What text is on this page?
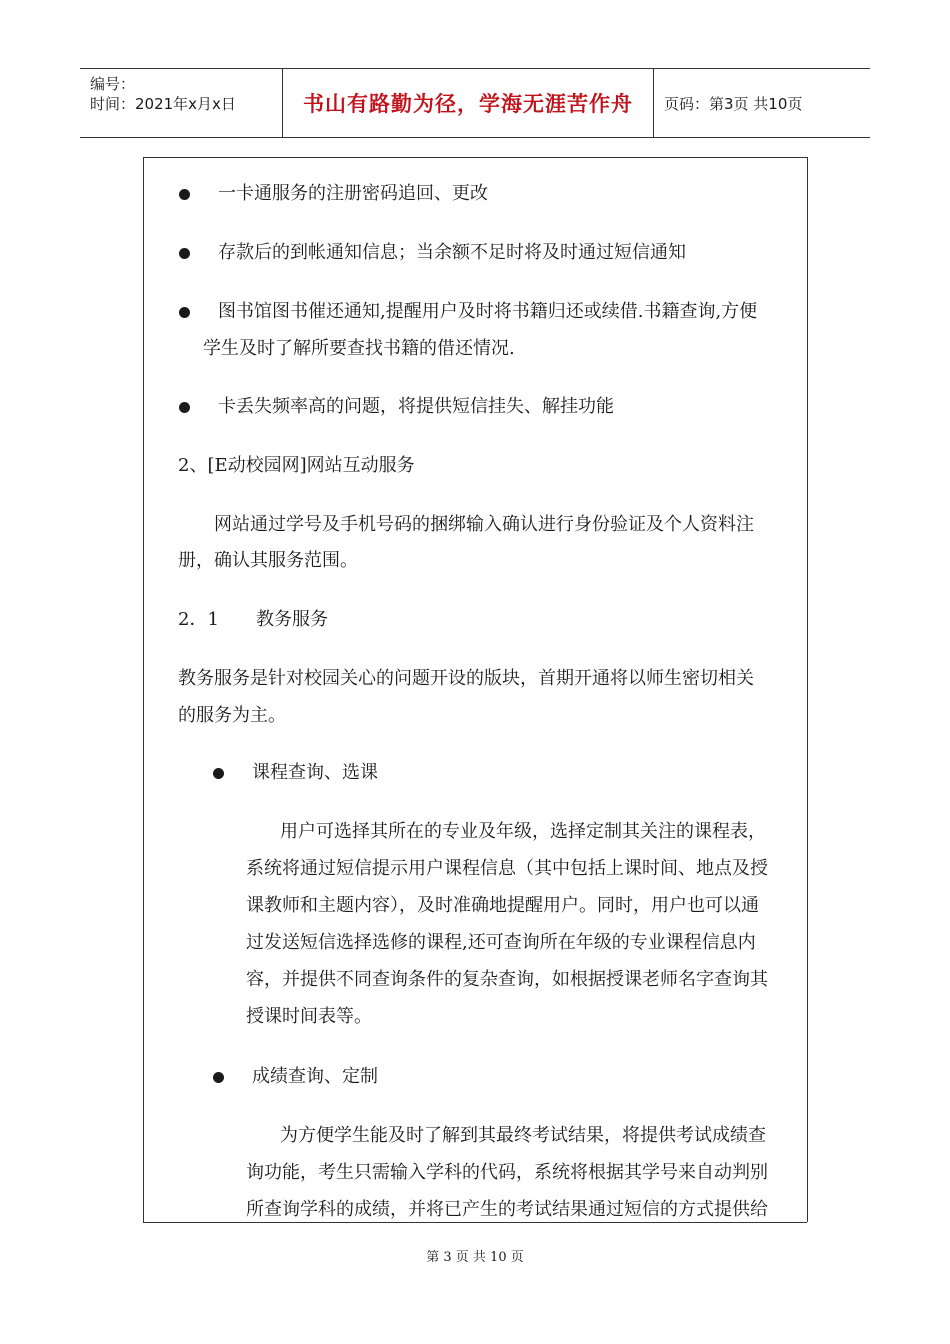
编号：
时间：2021年x月x日	书山有路勤为径，学海无涯苦作舟 页码：第3页 共10页
一卡通服务的注册密码追回、更改
存款后的到帐通知信息；当余额不足时将及时通过短信通知
图书馆图书催还通知,提醒用户及时将书籍归还或续借.书籍查询,方便
学生及时了解所要查找书籍的借还情况.
卡丢失频率高的问题，将提供短信挂失、解挂功能
2、[E动校园网]网站互动服务
网站通过学号及手机号码的捆绑输入确认进行身份验证及个人资料注
册，确认其服务范围。
2．1 教务服务
教务服务是针对校园关心的问题开设的版块，首期开通将以师生密切相关
的服务为主。
课程查询、选课
用户可选择其所在的专业及年级，选择定制其关注的课程表，
系统将通过短信提示用户课程信息（其中包括上课时间、地点及授
课教师和主题内容），及时准确地提醒用户。同时，用户也可以通
过发送短信选择选修的课程,还可查询所在年级的专业课程信息内
容，并提供不同查询条件的复杂查询，如根据授课老师名字查询其
授课时间表等。
成绩查询、定制
为方便学生能及时了解到其最终考试结果，将提供考试成绩查
询功能，考生只需输入学科的代码，系统将根据其学号来自动判别
所查询学科的成绩，并将已产生的考试结果通过短信的方式提供给
第 3 页 共 10 页
